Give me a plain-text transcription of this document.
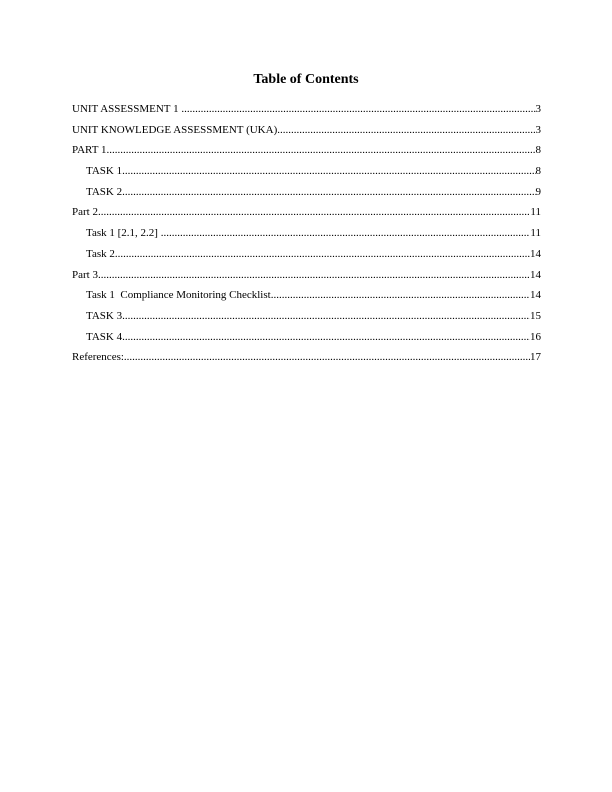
Table of Contents
UNIT ASSESSMENT 1 .....	3
UNIT KNOWLEDGE ASSESSMENT (UKA) .....	3
PART 1 .....	8
TASK 1 .....	8
TASK 2 .....	9
Part 2 .....	11
Task 1 [2.1, 2.2] .....	11
Task 2 .....	14
Part 3 .....	14
Task 1  Compliance Monitoring Checklist .....	14
TASK 3 .....	15
TASK 4 .....	16
References: .....	17
